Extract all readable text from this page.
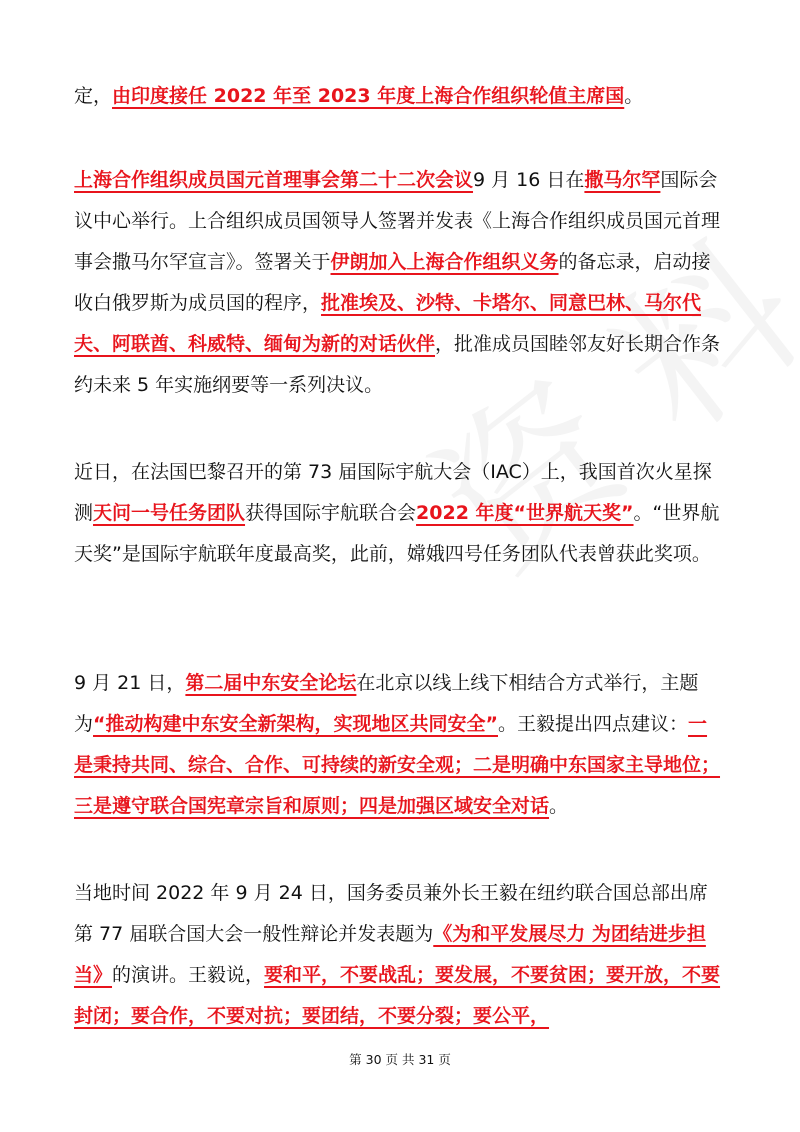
定，由印度接任 2022 年至 2023 年度上海合作组织轮值主席国。
上海合作组织成员国元首理事会第二十二次会议9 月 16 日在撒马尔罕国际会议中心举行。上合组织成员国领导人签署并发表《上海合作组织成员国元首理事会撒马尔罕宣言》。签署关于伊朗加入上海合作组织义务的备忘录，启动接收白俄罗斯为成员国的程序，批准埃及、沙特、卡塔尔、同意巴林、马尔代夫、阿联酋、科威特、缅甸为新的对话伙伴，批准成员国睦邻友好长期合作条约未来 5 年实施纲要等一系列决议。
近日，在法国巴黎召开的第 73 届国际宇航大会（IAC）上，我国首次火星探测天问一号任务团队获得国际宇航联合会2022 年度“世界航天奖”。“世界航天奖”是国际宇航联年度最高奖，此前，嫦娥四号任务团队代表曾获此奖项。
9 月 21 日，第二届中东安全论坛在北京以线上线下相结合方式举行，主题为“推动构建中东安全新架构，实现地区共同安全”。王毅提出四点建议：一是秉持共同、综合、合作、可持续的新安全观；二是明确中东国家主导地位；三是遵守联合国宪章宗旨和原则；四是加强区域安全对话。
当地时间 2022 年 9 月 24 日，国务委员兼外长王毅在纽约联合国总部出席第 77 届联合国大会一般性辩论并发表题为《为和平发展尽力 为团结进步担当》的演讲。王毅说，要和平，不要战乱；要发展，不要贫困；要开放，不要封闭；要合作，不要对抗；要团结，不要分裂；要公平，
第 30 页 共 31 页
